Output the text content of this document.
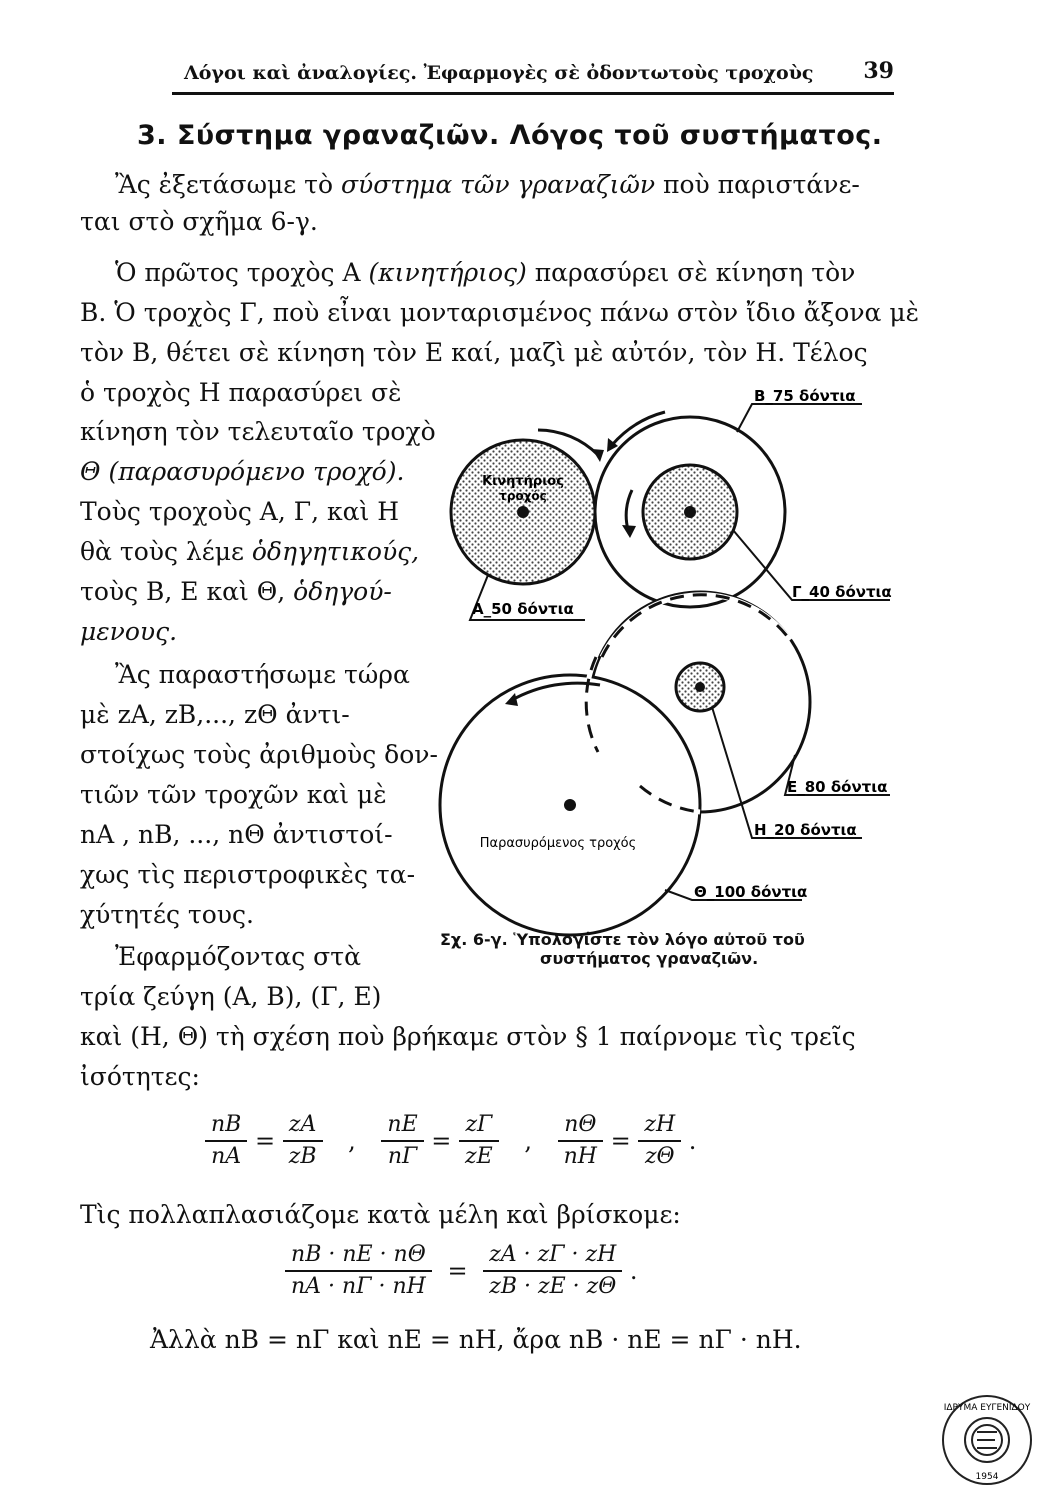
Λόγοι καὶ ἀναλογίες. Ἐφαρμογὲς σὲ ὀδοντωτοὺς τροχοὺς 39
3. Σύστημα γραναζιῶν. Λόγος τοῦ συστήματος.
Ἂς ἐξετάσωμε τὸ σύστημα τῶν γραναζιῶν ποὺ παριστάνε-
ται στὸ σχῆμα 6-γ.
Ὁ πρῶτος τροχὸς Α (κινητήριος) παρασύρει σὲ κίνηση τὸν
Β. Ὁ τροχὸς Γ, ποὺ εἶναι μονταρισμένος πάνω στὸν ἴδιο ἄξονα μὲ
τὸν Β, θέτει σὲ κίνηση τὸν Ε καί, μαζὶ μὲ αὐτόν, τὸν Η. Τέλος
ὁ τροχὸς Η παρασύρει σὲ
κίνηση τὸν τελευταῖο τροχὸ
Θ (παρασυρόμενο τροχό).
Τοὺς τροχοὺς Α, Γ, καὶ Η
θὰ τοὺς λέμε ὁδηγητικούς,
τοὺς Β, Ε καὶ Θ, ὁδηγού-
μενους.
Ἂς παραστήσωμε τώρα
μὲ zA, zB,..., zΘ ἀντι-
στοίχως τοὺς ἀριθμοὺς δον-
τιῶν τῶν τροχῶν καὶ μὲ
nA , nB, ..., nΘ ἀντιστοί-
χως τὶς περιστροφικὲς τα-
χύτητές τους.
Ἐφαρμόζοντας στὰ
τρία ζεύγη (Α, Β), (Γ, Ε)
καὶ (Η, Θ) τὴ σχέση ποὺ βρήκαμε στὸν § 1 παίρνομε τὶς τρεῖς
ἰσότητες:
$\frac{nB}{nA} = \frac{zA}{zB}$ , $\frac{nE}{n\Gamma} = \frac{z\Gamma}{zE}$ , $\frac{n\Theta}{nH} = \frac{zH}{z\Theta}$ .
Τὶς πολλαπλασιάζομε κατὰ μέλη καὶ βρίσκομε:
$\frac{nB \cdot nE \cdot n\Theta}{nA \cdot n\Gamma \cdot nH} = \frac{zA \cdot z\Gamma \cdot zH}{zB \cdot zE \cdot z\Theta}$ .
Ἀλλὰ nB = nΓ καὶ nE = nH, ἄρα nB · nE = nΓ · nH.
Κινητήριος
τροχός
Παρασυρόμενος τροχός
B_75 δόντια
Γ_40 δόντια
A_50 δόντια
E_80 δόντια
H_20 δόντια
Θ_100 δόντια
ΙΔΡΥΜΑ ΕΥΓΕΝΙΔΟΥ
1954
Σχ. 6-γ. Ὑπολογίστε τὸν λόγο αὐτοῦ τοῦ
συστήματος γραναζιῶν.
